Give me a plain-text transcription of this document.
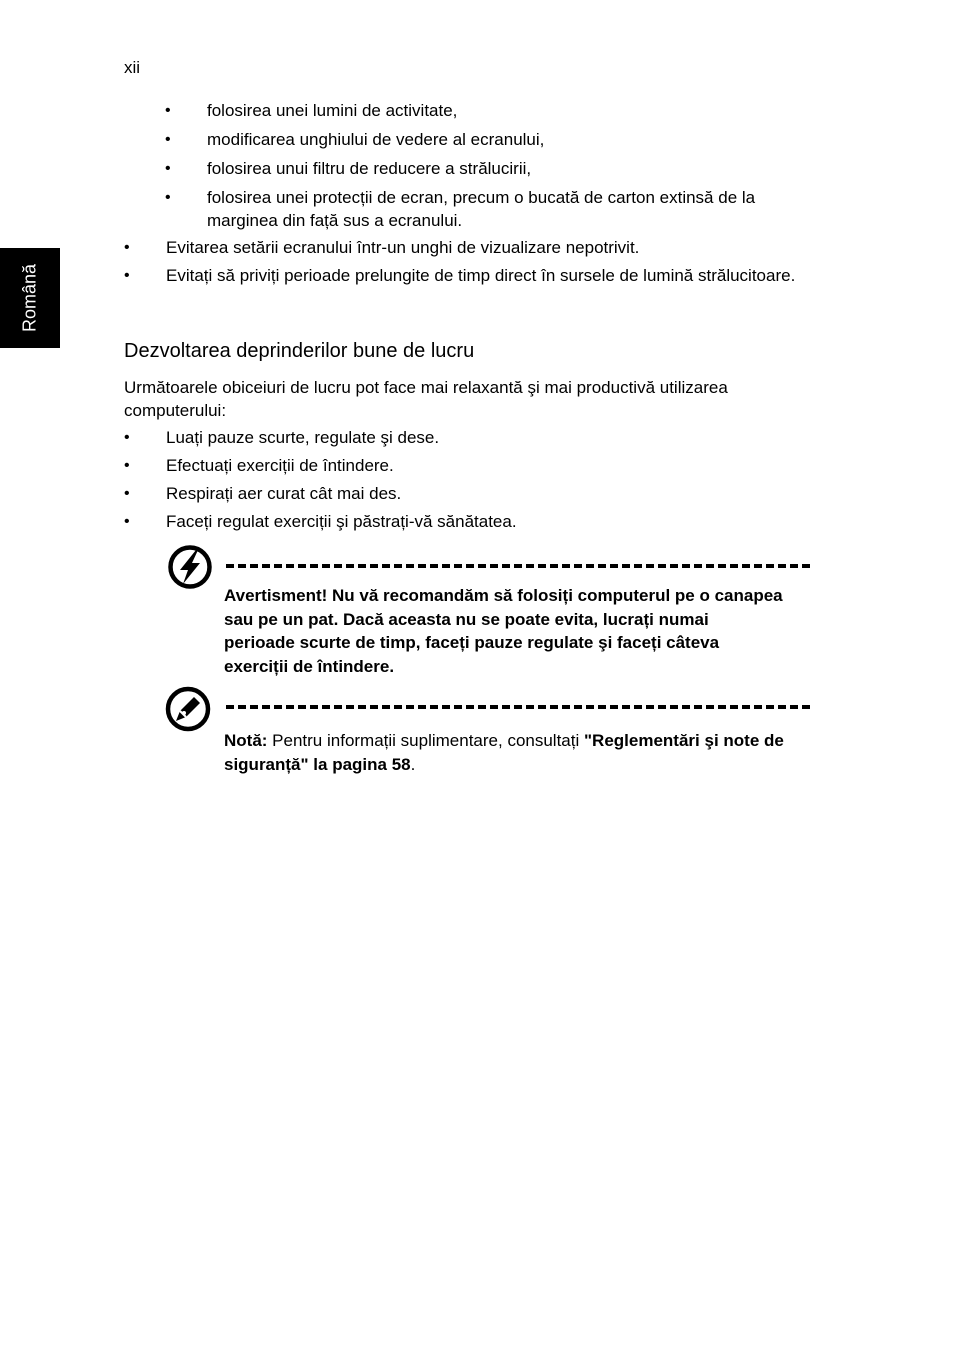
xii
Română
• folosirea unei lumini de activitate,
• modificarea unghiului de vedere al ecranului,
• folosirea unui filtru de reducere a strălucirii,
• folosirea unei protecții de ecran, precum o bucată de carton extinsă de la marginea din față sus a ecranului.
• Evitarea setării ecranului într-un unghi de vizualizare nepotrivit.
• Evitați să priviți perioade prelungite de timp direct în sursele de lumină strălucitoare.
Dezvoltarea deprinderilor bune de lucru
Următoarele obiceiuri de lucru pot face mai relaxantă şi mai productivă utilizarea computerului:
• Luați pauze scurte, regulate şi dese.
• Efectuați exerciții de întindere.
• Respirați aer curat cât mai des.
• Faceți regulat exerciții şi păstrați-vă sănătatea.
Avertisment! Nu vă recomandăm să folosiți computerul pe o canapea sau pe un pat. Dacă aceasta nu se poate evita, lucrați numai perioade scurte de timp, faceți pauze regulate şi faceți câteva exerciții de întindere.
Notă: Pentru informații suplimentare, consultați "Reglementări şi note de siguranță" la pagina 58.
